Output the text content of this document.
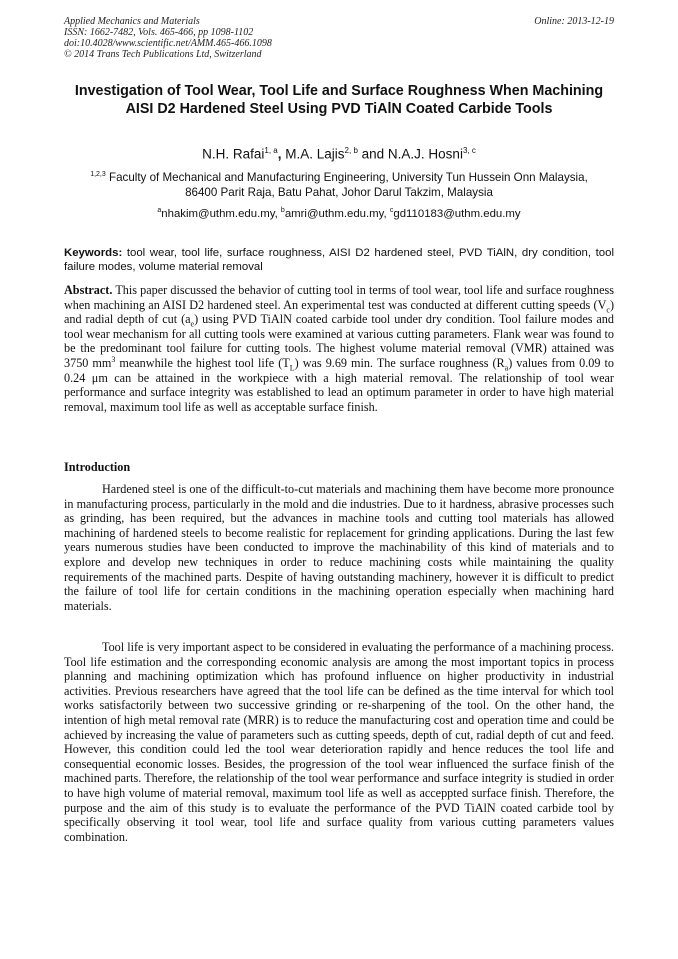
Applied Mechanics and Materials
ISSN: 1662-7482, Vols. 465-466, pp 1098-1102
doi:10.4028/www.scientific.net/AMM.465-466.1098
© 2014 Trans Tech Publications Ltd, Switzerland
Online: 2013-12-19
Investigation of Tool Wear, Tool Life and Surface Roughness When Machining AISI D2 Hardened Steel Using PVD TiAlN Coated Carbide Tools
N.H. Rafai$^{1, a}$, M.A. Lajis$^{2, b}$ and N.A.J. Hosni$^{3, c}$
$^{1,2,3}$ Faculty of Mechanical and Manufacturing Engineering, University Tun Hussein Onn Malaysia,
86400 Parit Raja, Batu Pahat, Johor Darul Takzim, Malaysia
$^a$nhakim@uthm.edu.my, $^b$amri@uthm.edu.my, $^c$gd110183@uthm.edu.my

Keywords: tool wear, tool life, surface roughness, AISI D2 hardened steel, PVD TiAlN, dry condition, tool failure modes, volume material removal

Abstract. This paper discussed the behavior of cutting tool in terms of tool wear, tool life and surface roughness when machining an AISI D2 hardened steel. An experimental test was conducted at different cutting speeds $(V_c)$ and radial depth of cut $(a_e)$ using PVD TiAlN coated carbide tool under dry condition. Tool failure modes and tool wear mechanism for all cutting tools were examined at various cutting parameters. Flank wear was found to be the predominant tool failure for cutting tools. The highest volume material removal (VMR) attained was 3750 $mm^3$ meanwhile the highest tool life $(T_L)$ was 9.69 min. The surface roughness $(R_a)$ values from 0.09 to 0.24 μm can be attained in the workpiece with a high material removal. The relationship of tool wear performance and surface integrity was established to lead an optimum parameter in order to have high material removal, maximum tool life as well as acceptable surface finish.

Introduction

Hardened steel is one of the difficult-to-cut materials and machining them have become more pronounce in manufacturing process, particularly in the mold and die industries. Due to it hardness, abrasive processes such as grinding, has been required, but the advances in machine tools and cutting tool materials has allowed machining of hardened steels to become realistic for replacement for grinding applications. During the last few years numerous studies have been conducted to improve the machinability of this kind of materials and to explore and develop new techniques in order to reduce machining costs while maintaining the quality requirements of the machined parts. Despite of having outstanding machinery, however it is difficult to predict the failure of tool life for certain conditions in the machining operation especially when machining hard materials.

Tool life is very important aspect to be considered in evaluating the performance of a machining process. Tool life estimation and the corresponding economic analysis are among the most important topics in process planning and machining optimization which has profound influence on higher productivity in industrial activities. Previous researchers have agreed that the tool life can be defined as the time interval for which tool works satisfactorily between two successive grinding or re-sharpening of the tool. On the other hand, the intention of high metal removal rate (MRR) is to reduce the manufacturing cost and operation time and could be achieved by increasing the value of parameters such as cutting speeds, depth of cut, radial depth of cut and feed. However, this condition could led the tool wear deterioration rapidly and hence reduces the tool life and consequential economic losses. Besides, the progression of the tool wear influenced the surface finish of the machined parts. Therefore, the relationship of the tool wear performance and surface integrity is studied in order to have high volume of material removal, maximum tool life as well as acceppted surface finish. Therefore, the purpose and the aim of this study is to evaluate the performance of the PVD TiAlN coated carbide tool by specifically observing it tool wear, tool life and surface quality from various cutting parameters values combination.
